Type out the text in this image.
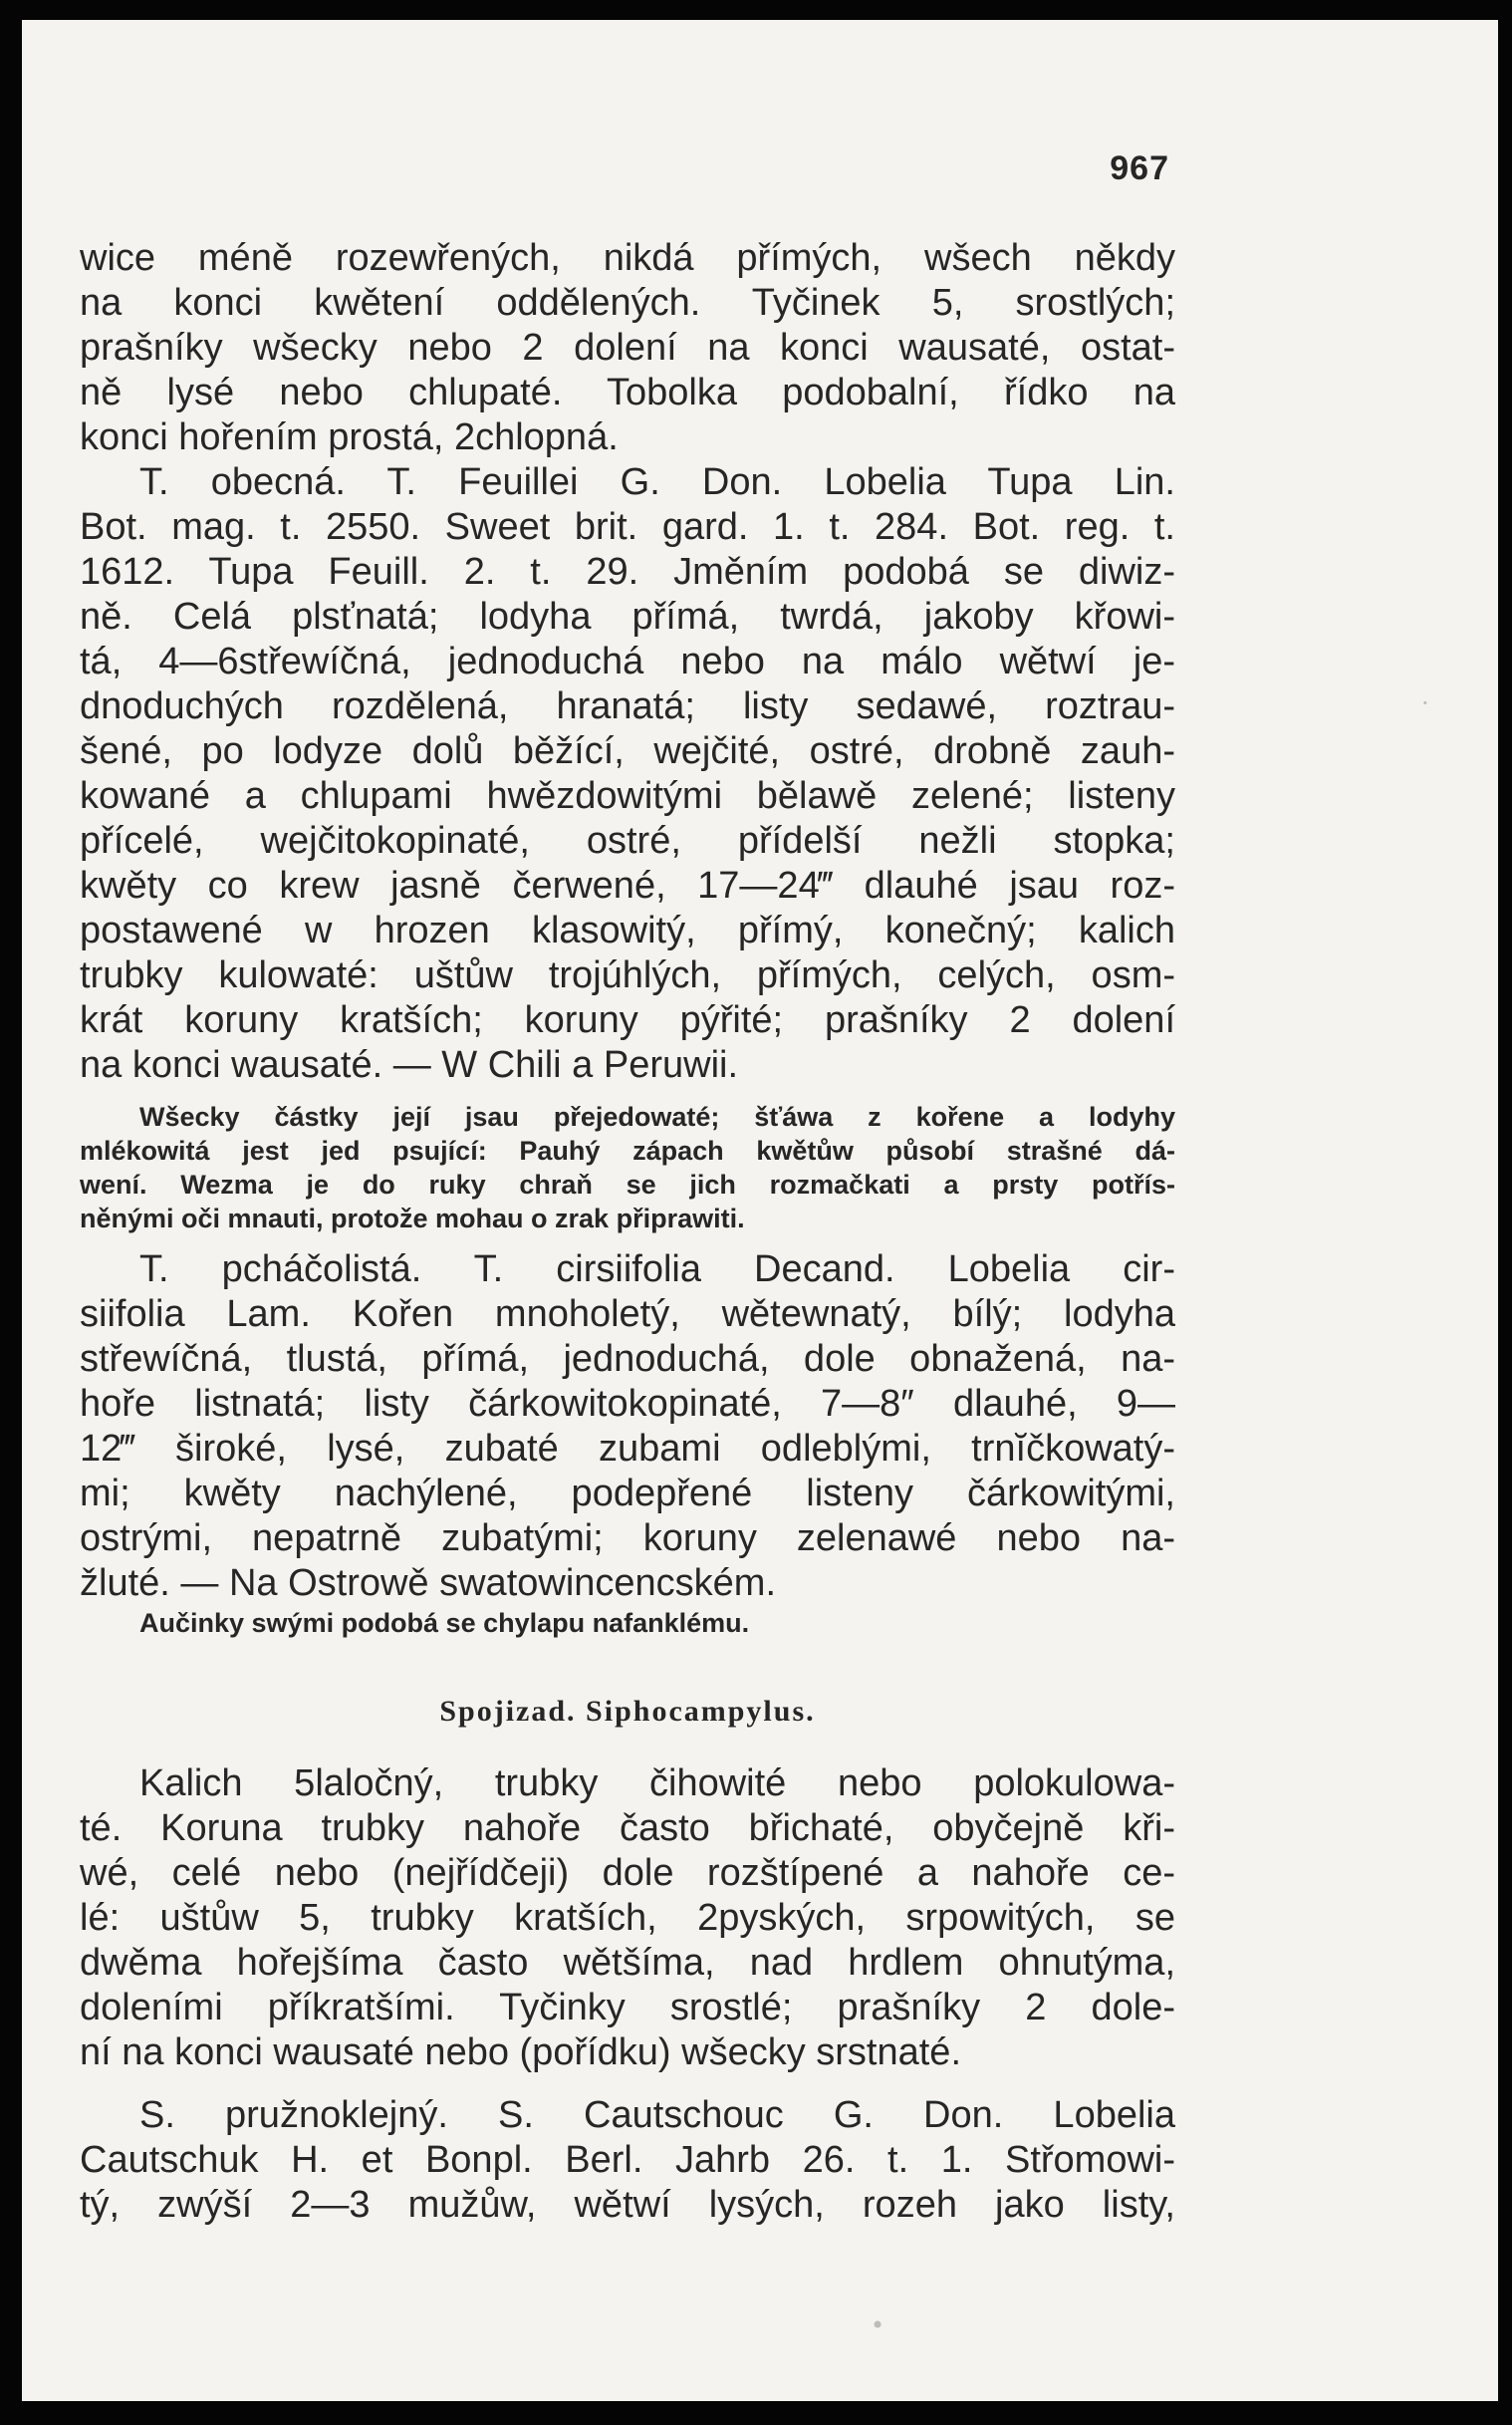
967
·
•
wice méně rozewřených, nikdá přímých, wšech někdy
na konci kwětení oddělených. Tyčinek 5, srostlých;
prašníky wšecky nebo 2 dolení na konci wausaté, ostat-
ně lysé nebo chlupaté. Tobolka podobalní, řídko na
konci hořením prostá, 2chlopná.
T. obecná. T. Feuillei G. Don. Lobelia Tupa Lin.
Bot. mag. t. 2550. Sweet brit. gard. 1. t. 284. Bot. reg. t.
1612. Tupa Feuill. 2. t. 29. Jměním podobá se diwiz-
ně. Celá plsťnatá; lodyha přímá, twrdá, jakoby křowi-
tá, 4—6střewíčná, jednoduchá nebo na málo wětwí je-
dnoduchých rozdělená, hranatá; listy sedawé, roztrau-
šené, po lodyze dolů běžící, wejčité, ostré, drobně zauh-
kowané a chlupami hwězdowitými bělawě zelené; listeny
přícelé, wejčitokopinaté, ostré, přídelší nežli stopka;
kwěty co krew jasně čerwené, 17—24‴ dlauhé jsau roz-
postawené w hrozen klasowitý, přímý, konečný; kalich
trubky kulowaté: uštůw trojúhlých, přímých, celých, osm-
krát koruny kratších; koruny pýřité; prašníky 2 dolení
na konci wausaté. — W Chili a Peruwii.
Wšecky částky její jsau přejedowaté; šťáwa z kořene a lodyhy
mlékowitá jest jed psující: Pauhý zápach kwětůw působí strašné dá-
wení. Wezma je do ruky chraň se jich rozmačkati a prsty potřís-
něnými oči mnauti, protože mohau o zrak připrawiti.
T. pcháčolistá. T. cirsiifolia Decand. Lobelia cir-
siifolia Lam. Kořen mnoholetý, wětewnatý, bílý; lodyha
střewíčná, tlustá, přímá, jednoduchá, dole obnažená, na-
hoře listnatá; listy čárkowitokopinaté, 7—8″ dlauhé, 9—
12‴ široké, lysé, zubaté zubami odleblými, trnĭčkowatý-
mi; kwěty nachýlené, podepřené listeny čárkowitými,
ostrými, nepatrně zubatými; koruny zelenawé nebo na-
žluté. — Na Ostrowě swatowincencském.
Aučinky swými podobá se chylapu nafanklému.
Spojizad. Siphocampylus.
Kalich 5laločný, trubky čihowité nebo polokulowa-
té. Koruna trubky nahoře často břichaté, obyčejně kři-
wé, celé nebo (nejřídčeji) dole rozštípené a nahoře ce-
lé: uštůw 5, trubky kratších, 2pyských, srpowitých, se
dwěma hořejšíma často wětšíma, nad hrdlem ohnutýma,
doleními příkratšími. Tyčinky srostlé; prašníky 2 dole-
ní na konci wausaté nebo (pořídku) wšecky srstnaté.
S. pružnoklejný. S. Cautschouc G. Don. Lobelia
Cautschuk H. et Bonpl. Berl. Jahrb 26. t. 1. Střomowi-
tý, zwýší 2—3 mužůw, wětwí lysých, rozeh jako listy,
